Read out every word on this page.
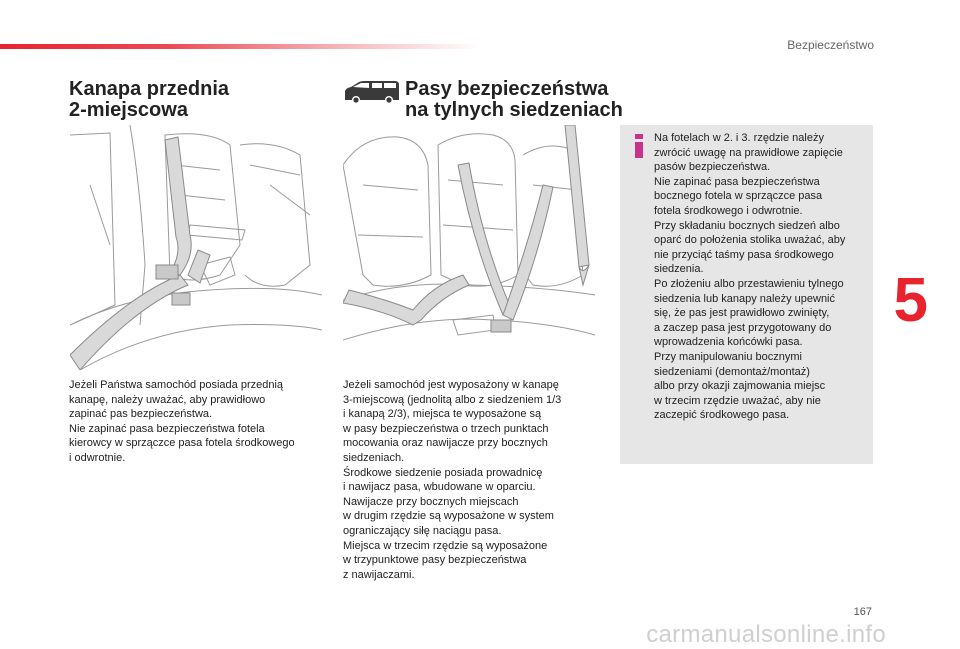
Bezpieczeństwo
Kanapa przednia
2-miejscowa
Pasy bezpieczeństwa
na tylnych siedzeniach
Jeżeli Państwa samochód posiada przednią
kanapę, należy uważać, aby prawidłowo
zapinać pas bezpieczeństwa.
Nie zapinać pasa bezpieczeństwa fotela
kierowcy w sprzączce pasa fotela środkowego
i odwrotnie.
Jeżeli samochód jest wyposażony w kanapę
3-miejscową (jednolitą albo z siedzeniem 1/3
i kanapą 2/3), miejsca te wyposażone są
w pasy bezpieczeństwa o trzech punktach
mocowania oraz nawijacze przy bocznych
siedzeniach.
Środkowe siedzenie posiada prowadnicę
i nawijacz pasa, wbudowane w oparciu.
Nawijacze przy bocznych miejscach
w drugim rzędzie są wyposażone w system
ograniczający siłę naciągu pasa.
Miejsca w trzecim rzędzie są wyposażone
w trzypunktowe pasy bezpieczeństwa
z nawijaczami.
Na fotelach w 2. i 3. rzędzie należy
zwrócić uwagę na prawidłowe zapięcie
pasów bezpieczeństwa.
Nie zapinać pasa bezpieczeństwa
bocznego fotela w sprzączce pasa
fotela środkowego i odwrotnie.
Przy składaniu bocznych siedzeń albo
oparć do położenia stolika uważać, aby
nie przyciąć taśmy pasa środkowego
siedzenia.
Po złożeniu albo przestawieniu tylnego
siedzenia lub kanapy należy upewnić
się, że pas jest prawidłowo zwinięty,
a zaczep pasa jest przygotowany do
wprowadzenia końcówki pasa.
Przy manipulowaniu bocznymi
siedzeniami (demontaż/montaż)
albo przy okazji zajmowania miejsc
w trzecim rzędzie uważać, aby nie
zaczepić środkowego pasa.
5
167
carmanualsonline.info
